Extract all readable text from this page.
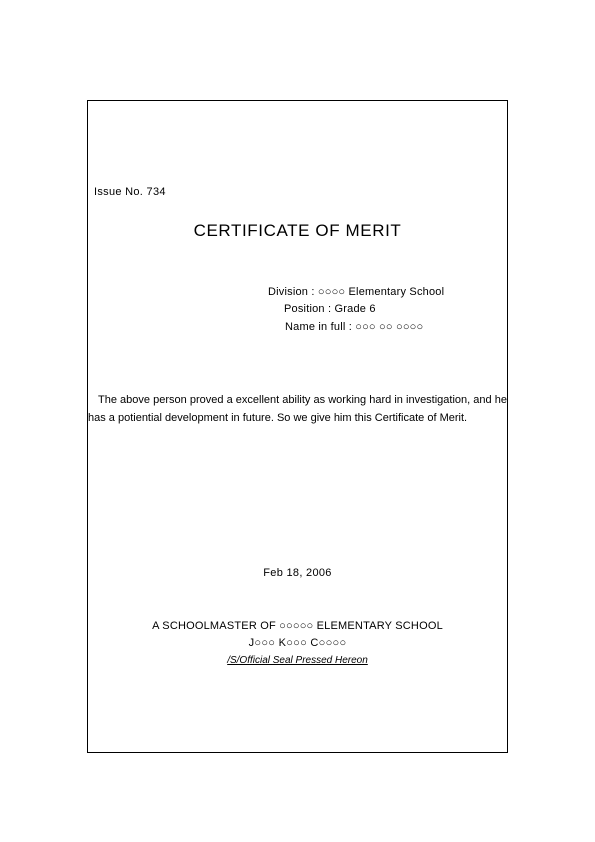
Issue No. 734
CERTIFICATE OF MERIT
Division : ○○○○ Elementary School
Position : Grade 6
Name in full : ○○○ ○○ ○○○○
The above person proved a excellent ability as working hard in investigation, and he has a potiential development in future. So we give him this Certificate of Merit.
Feb 18, 2006
A SCHOOLMASTER OF ○○○○○ ELEMENTARY SCHOOL
J○○○ K○○○ C○○○○
/S/Official Seal Pressed Hereon
